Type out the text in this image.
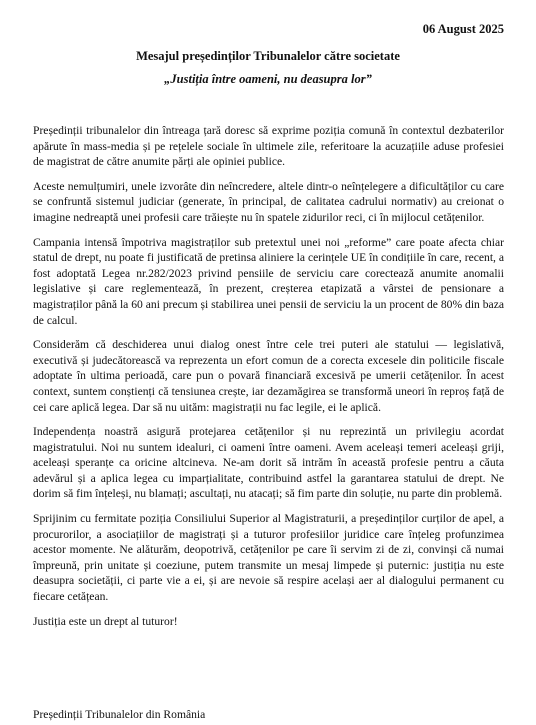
06 August 2025
Mesajul președinților Tribunalelor către societate
„Justiția între oameni, nu deasupra lor”

Președinții tribunalelor din întreaga țară doresc să exprime poziția comună în contextul dezbaterilor apărute în mass-media și pe rețelele sociale în ultimele zile, referitoare la acuzațiile aduse profesiei de magistrat de către anumite părți ale opiniei publice.

Aceste nemulțumiri, unele izvorâte din neîncredere, altele dintr-o neînțelegere a dificultăților cu care se confruntă sistemul judiciar (generate, în principal, de calitatea cadrului normativ) au creionat o imagine nedreaptă unei profesii care trăiește nu în spatele zidurilor reci, ci în mijlocul cetățenilor.

Campania intensă împotriva magistraților sub pretextul unei noi „reforme” care poate afecta chiar statul de drept, nu poate fi justificată de pretinsa aliniere la cerințele UE în condițiile în care, recent, a fost adoptată Legea nr.282/2023 privind pensiile de serviciu care corectează anumite anomalii legislative și care reglementează, în prezent, creșterea etapizată a vârstei de pensionare a magistraților până la 60 ani precum și stabilirea unei pensii de serviciu la un procent de 80% din baza de calcul.

Considerăm că deschiderea unui dialog onest între cele trei puteri ale statului — legislativă, executivă și judecătorească va reprezenta un efort comun de a corecta excesele din politicile fiscale adoptate în ultima perioadă, care pun o povară financiară excesivă pe umerii cetățenilor. În acest context, suntem conștienți că tensiunea crește, iar dezamăgirea se transformă uneori în reproș față de cei care aplică legea. Dar să nu uităm: magistrații nu fac legile, ei le aplică.

Independența noastră asigură protejarea cetățenilor și nu reprezintă un privilegiu acordat magistratului. Noi nu suntem idealuri, ci oameni între oameni. Avem aceleași temeri aceleași griji, aceleași speranțe ca oricine altcineva. Ne-am dorit să intrăm în această profesie pentru a căuta adevărul și a aplica legea cu imparțialitate, contribuind astfel la garantarea statului de drept. Ne dorim să fim înțeleși, nu blamați; ascultați, nu atacați; să fim parte din soluție, nu parte din problemă.

Sprijinim cu fermitate poziția Consiliului Superior al Magistraturii, a președinților curților de apel, a procurorilor, a asociațiilor de magistrați și a tuturor profesiilor juridice care înțeleg profunzimea acestor momente. Ne alăturăm, deopotrivă, cetățenilor pe care îi servim zi de zi, convinși că numai împreună, prin unitate și coeziune, putem transmite un mesaj limpede și puternic: justiția nu este deasupra societății, ci parte vie a ei, și are nevoie să respire același aer al dialogului permanent cu fiecare cetățean.

Justiția este un drept al tuturor!

Președinții Tribunalelor din România
